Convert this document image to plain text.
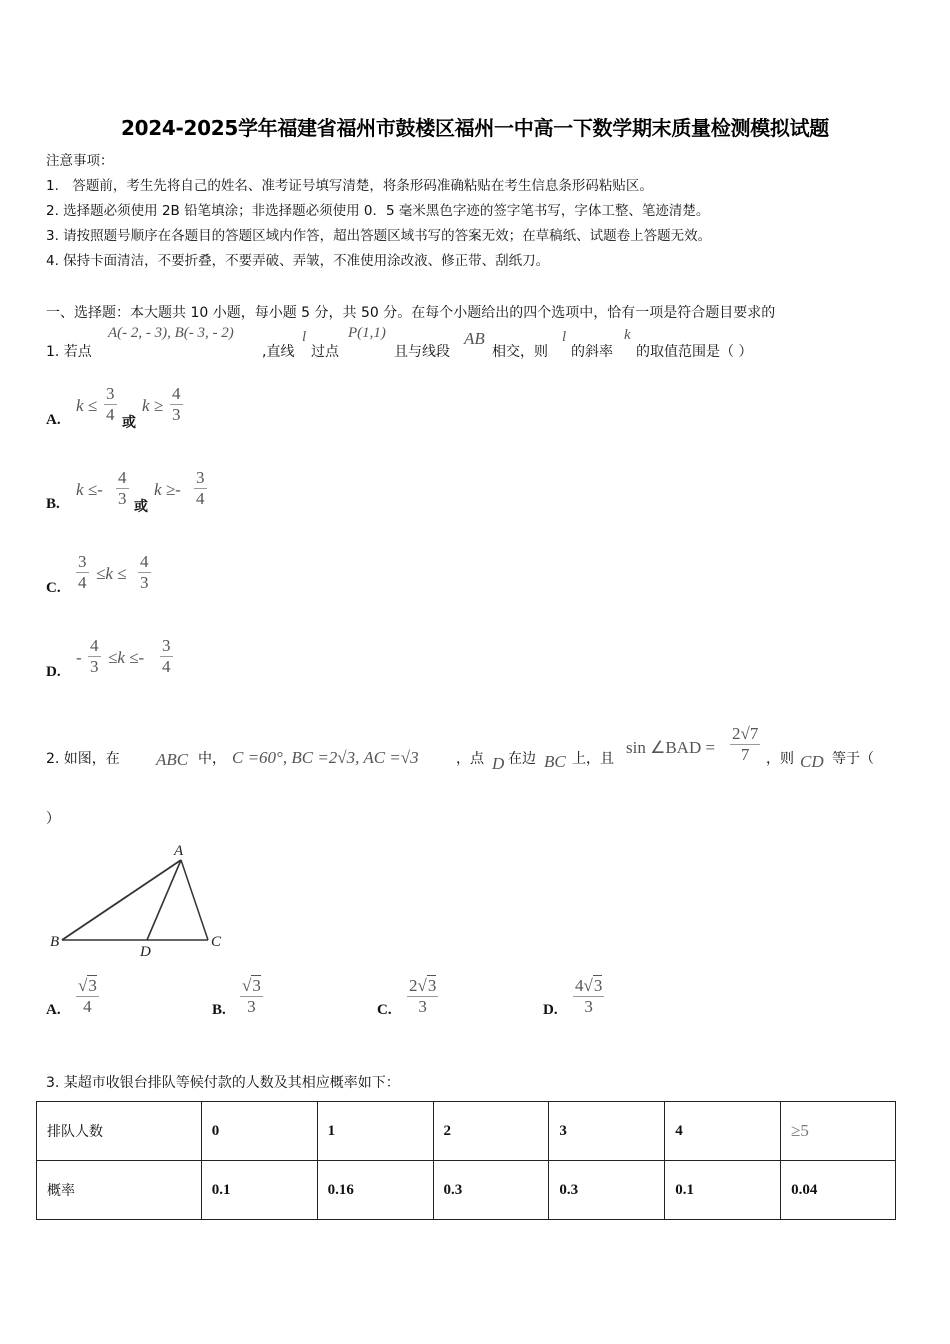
2024-2025学年福建省福州市鼓楼区福州一中高一下数学期末质量检测模拟试题
注意事项：
1.　答题前，考生先将自己的姓名、准考证号填写清楚，将条形码准确粘贴在考生信息条形码粘贴区。
2. 选择题必须使用 2B 铅笔填涂；非选择题必须使用 0．5 毫米黑色字迹的签字笔书写，字体工整、笔迹清楚。
3. 请按照题号顺序在各题目的答题区域内作答，超出答题区域书写的答案无效；在草稿纸、试题卷上答题无效。
4. 保持卡面清洁，不要折叠，不要弄破、弄皱，不准使用涂改液、修正带、刮纸刀。
一、选择题：本大题共 10 小题，每小题 5 分，共 50 分。在每个小题给出的四个选项中，恰有一项是符合题目要求的
1. 若点
A(- 2, - 3), B(- 3, - 2)
,直线
l
过点
P(1,1)
且与线段
AB
相交，则
l
的斜率
k
的取值范围是（ ）
A.
$k \le \frac{3}{4}$ 或
$k \ge \frac{4}{3}$
B.
$k \le- \frac{4}{3}$ 或
$k \ge- \frac{3}{4}$
C. $\frac{3}{4} \le k \le \frac{4}{3}$
D.
- $\frac{4}{3} \le k \le- \frac{3}{4}$
2. 如图，在 ABC 中， C =60°, BC =2√3, AC =√3	，点 D 在边 BC 上，且
sin ∠BAD = $\frac{2√7}{7}$ ，则 CD 等于（
）
A
B	C
D
A. $\frac{√3}{4}$	B. $\frac{√3}{3}$	C. $\frac{2√3}{3}$	D. $\frac{4√3}{3}$
3. 某超市收银台排队等候付款的人数及其相应概率如下：
排队人数	0	1	2	3	4	≥5
概率	0.1	0.16	0.3	0.3	0.1	0.04
